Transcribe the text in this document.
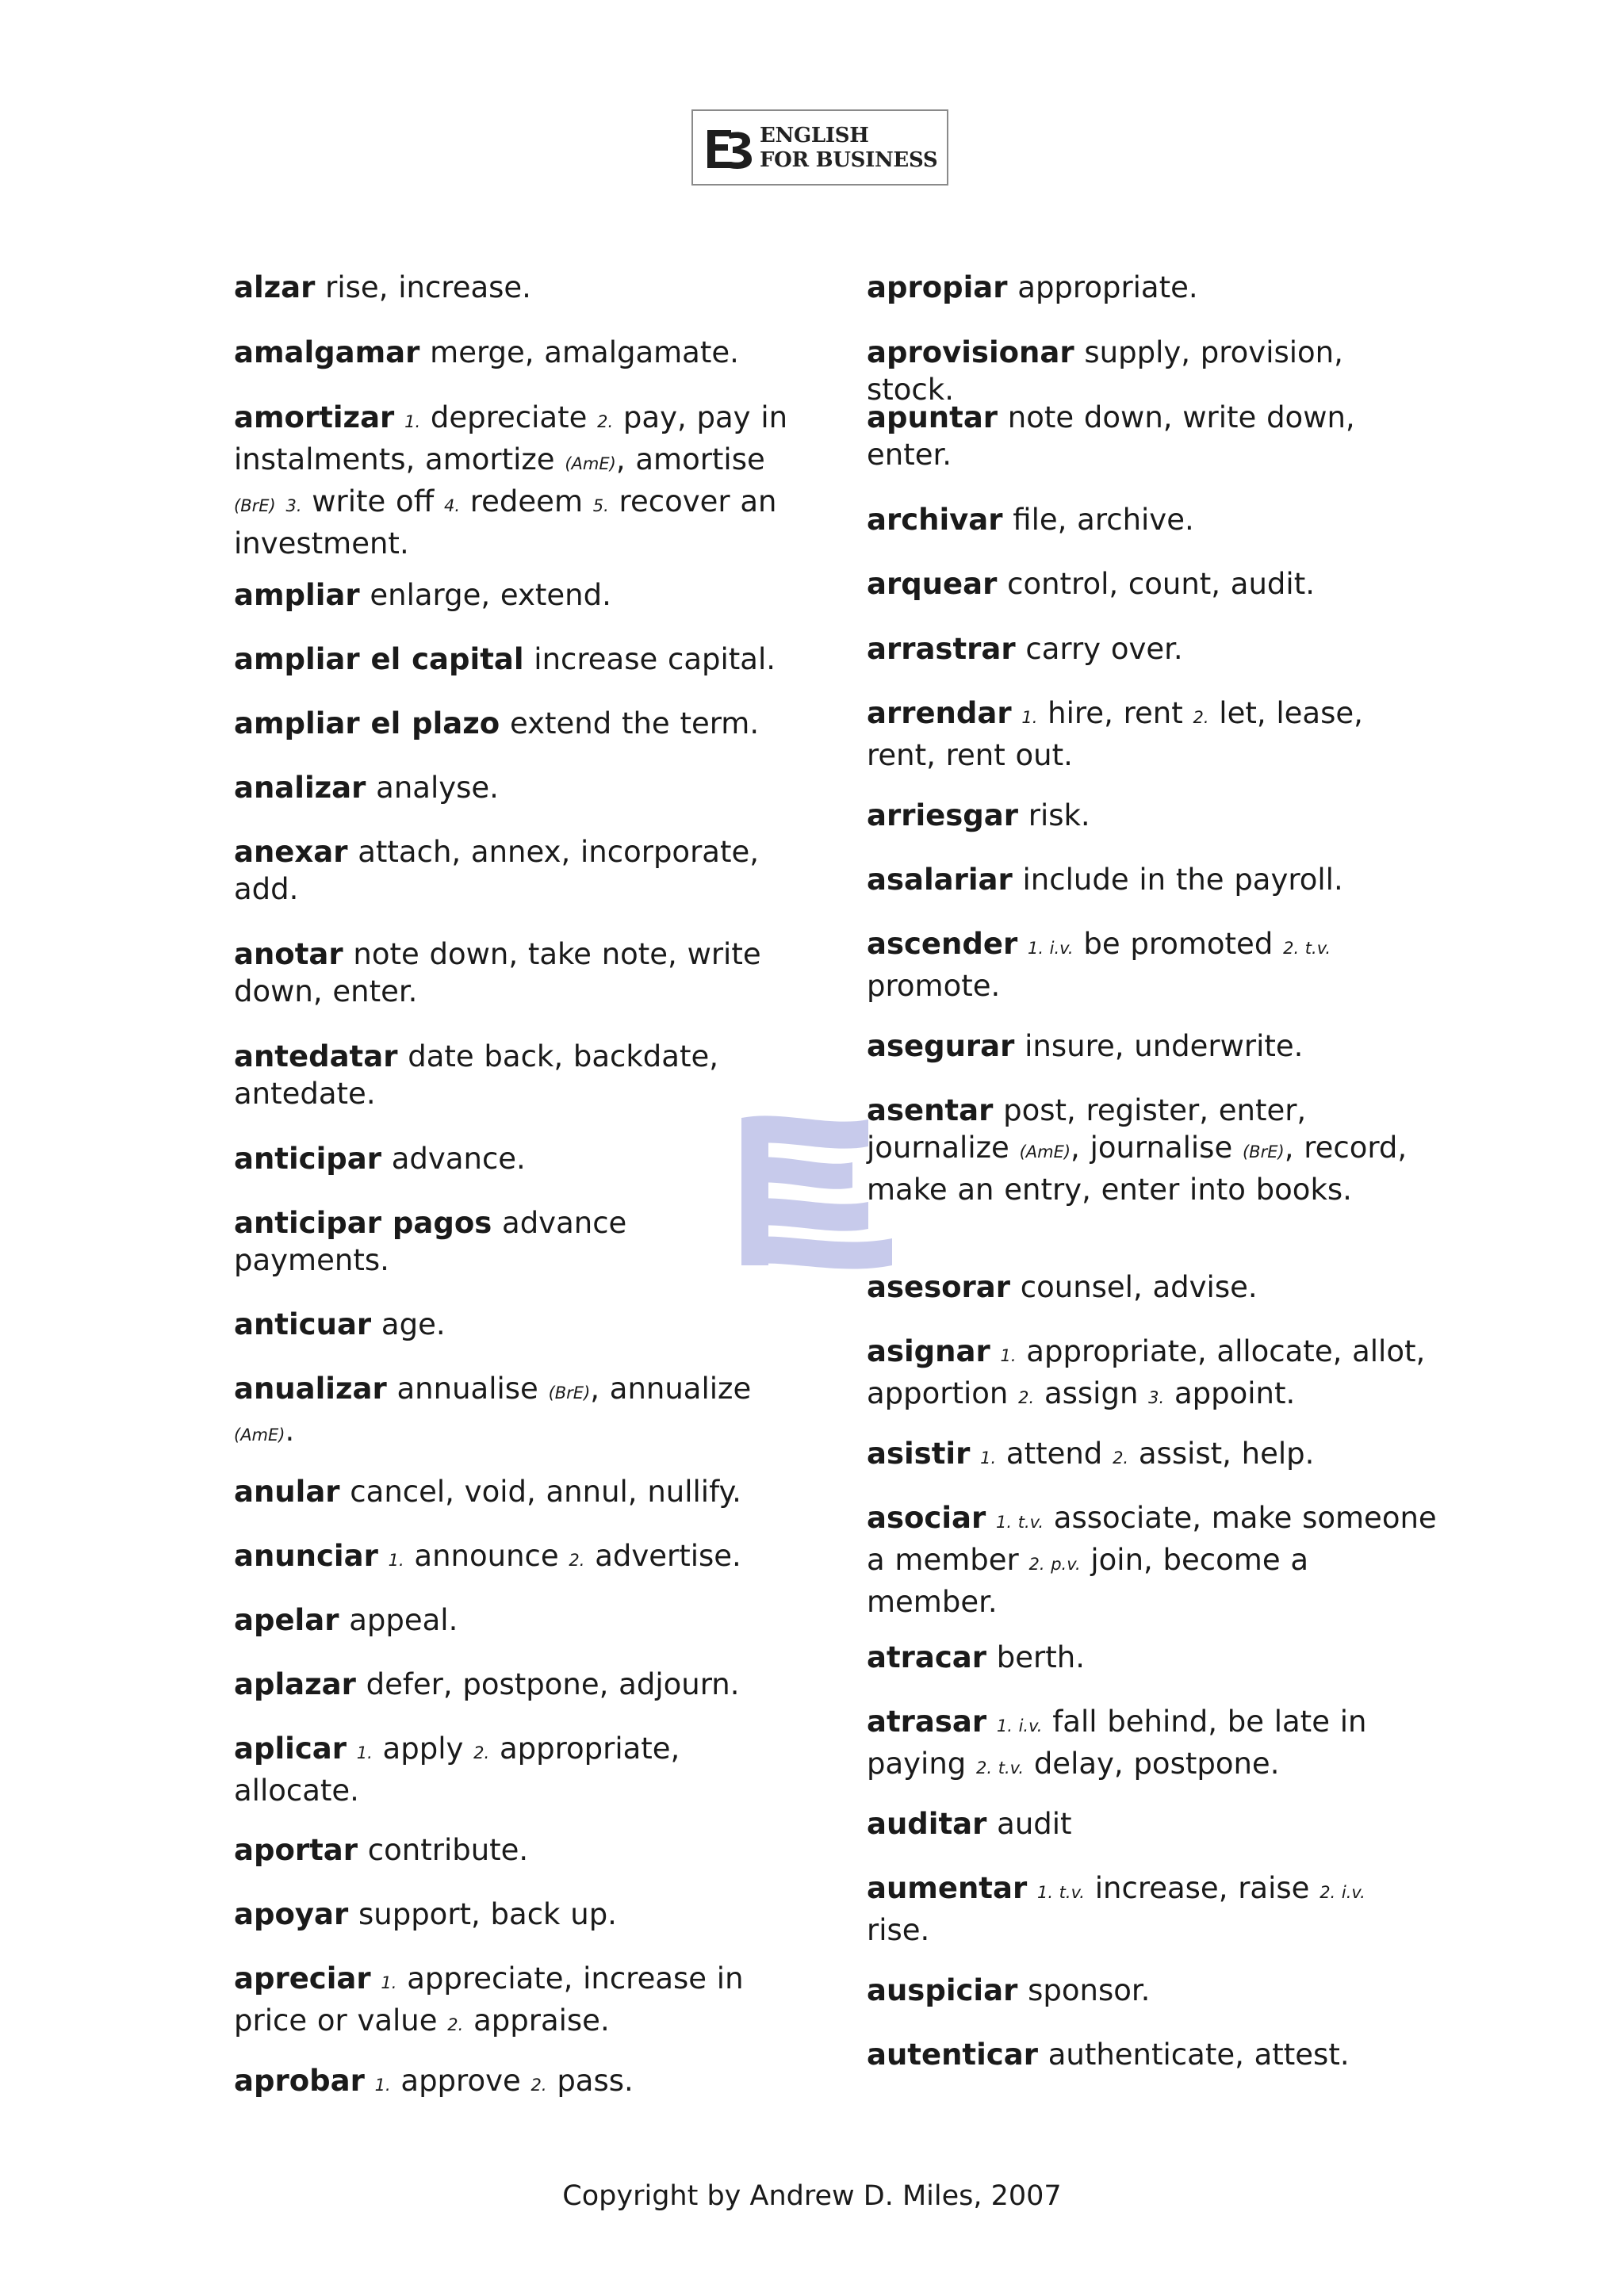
ENGLISH
FOR BUSINESS

alzar rise, increase.

amalgamar merge, amalgamate.

amortizar 1. depreciate 2. pay, pay in instalments, amortize (AmE), amortise (BrE) 3. write off 4. redeem 5. recover an investment.

ampliar enlarge, extend.

ampliar el capital increase capital.

ampliar el plazo extend the term.

analizar analyse.

anexar attach, annex, incorporate, add.

anotar note down, take note, write down, enter.

antedatar date back, backdate, antedate.

anticipar advance.

anticipar pagos advance payments.

anticuar age.

anualizar annualise (BrE), annualize (AmE).

anular cancel, void, annul, nullify.

anunciar 1. announce 2. advertise.

apelar appeal.

aplazar defer, postpone, adjourn.

aplicar 1. apply 2. appropriate, allocate.

aportar contribute.

apoyar support, back up.

apreciar 1. appreciate, increase in price or value 2. appraise.

aprobar 1. approve 2. pass.

apropiar appropriate.

aprovisionar supply, provision, stock.

apuntar note down, write down, enter.

archivar file, archive.

arquear control, count, audit.

arrastrar carry over.

arrendar 1. hire, rent 2. let, lease, rent, rent out.

arriesgar risk.

asalariar include in the payroll.

ascender 1. i.v. be promoted 2. t.v. promote.

asegurar insure, underwrite.

asentar post, register, enter, journalize (AmE), journalise (BrE), record, make an entry, enter into books.

asesorar counsel, advise.

asignar 1. appropriate, allocate, allot, apportion 2. assign 3. appoint.

asistir 1. attend 2. assist, help.

asociar 1. t.v. associate, make someone a member 2. p.v. join, become a member.

atracar berth.

atrasar 1. i.v. fall behind, be late in paying 2. t.v. delay, postpone.

auditar audit

aumentar 1. t.v. increase, raise 2. i.v. rise.

auspiciar sponsor.

autenticar authenticate, attest.

Copyright by Andrew D. Miles, 2007
